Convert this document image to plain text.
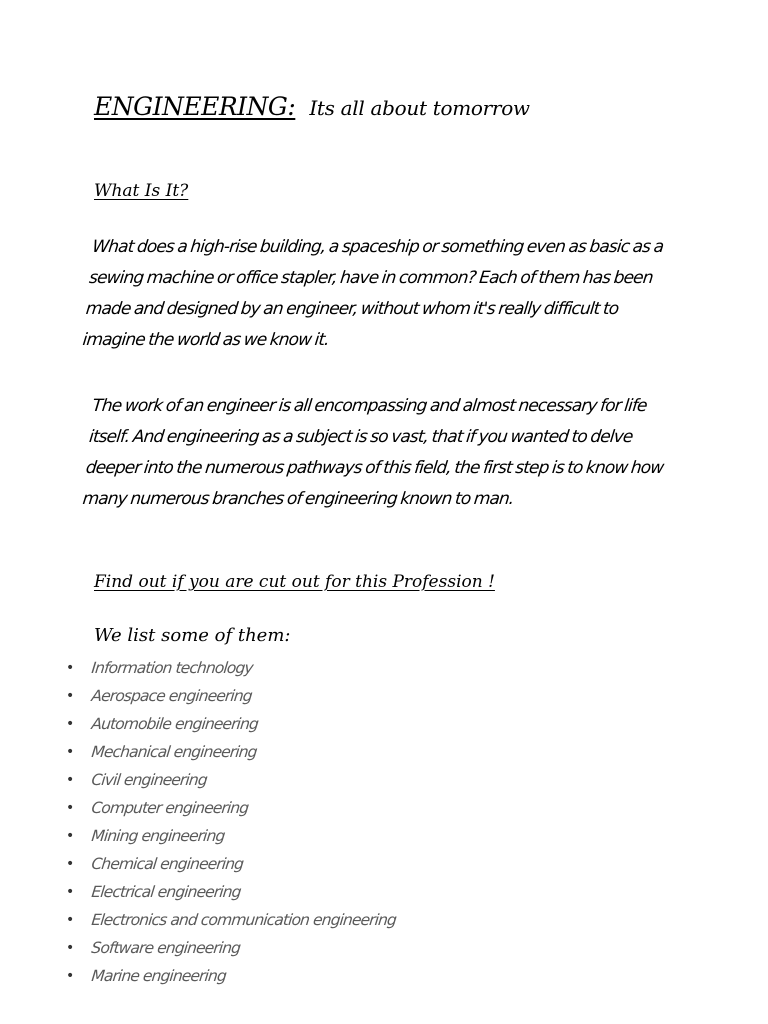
ENGINEERING: Its all about tomorrow
What Is It?
What does a high-rise building, a spaceship or something even as basic as a sewing machine or office stapler, have in common? Each of them has been made and designed by an engineer, without whom it's really difficult to imagine the world as we know it.
The work of an engineer is all encompassing and almost necessary for life itself. And engineering as a subject is so vast, that if you wanted to delve deeper into the numerous pathways of this field, the first step is to know how many numerous branches of engineering known to man.
Find out if you are cut out for this Profession !
We list some of them:
• Information technology
• Aerospace engineering
• Automobile engineering
• Mechanical engineering
• Civil engineering
• Computer engineering
• Mining engineering
• Chemical engineering
• Electrical engineering
• Electronics and communication engineering
• Software engineering
• Marine engineering
